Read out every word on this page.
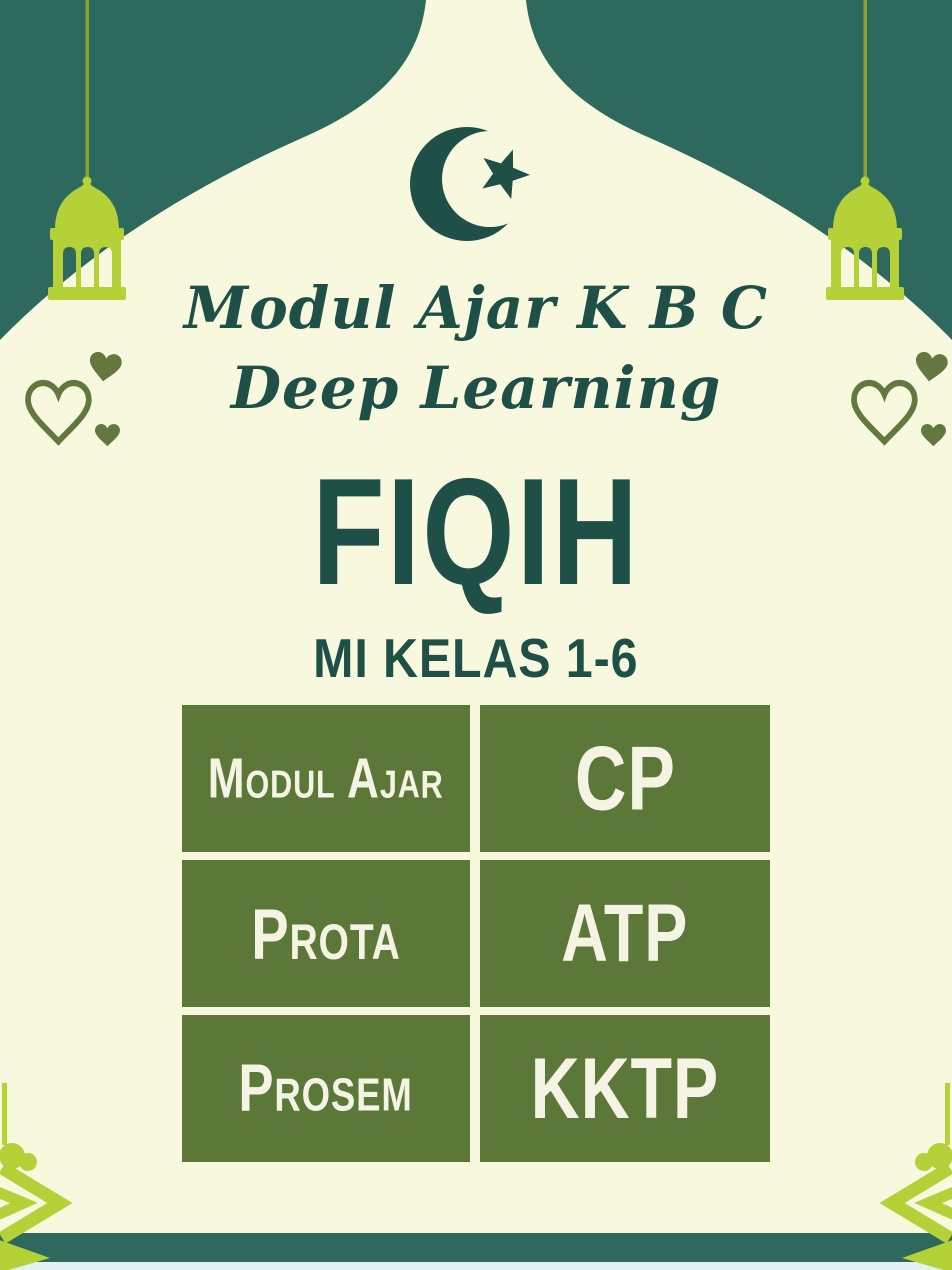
Modul Ajar K B C
Deep Learning
FIQIH
MI KELAS 1-6
Modul Ajar CP
Prota ATP
Prosem KKTP
